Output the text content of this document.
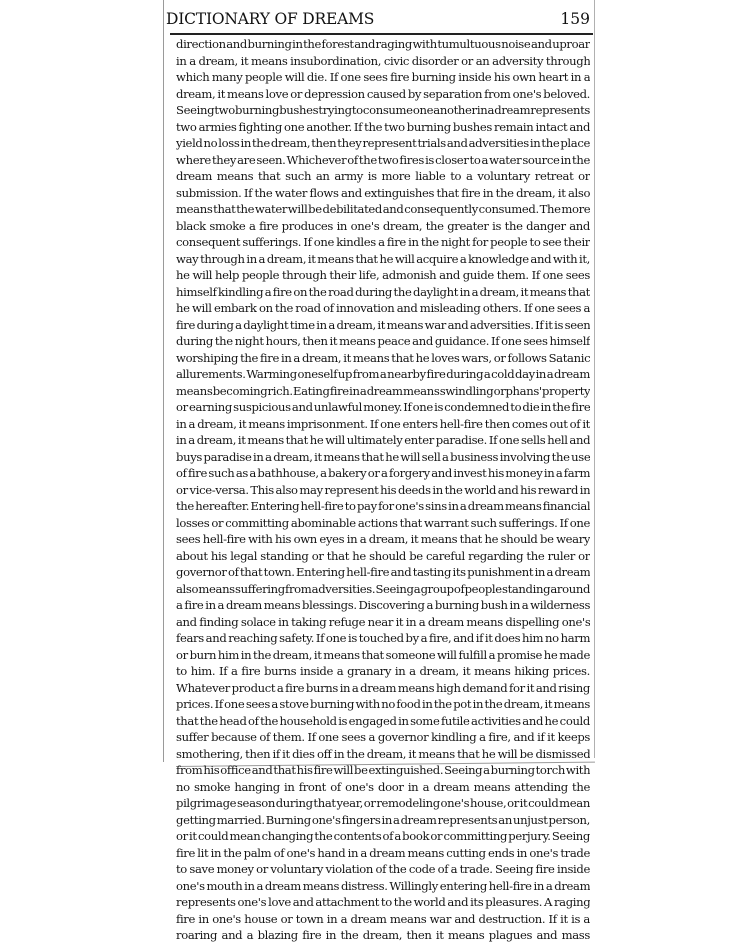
DICTIONARY OF DREAMS	159
direction and burning in the forest and raging with tumultuous noise and uproar
in a dream, it means insubordination, civic disorder or an adversity through
which many people will die. If one sees fire burning inside his own heart in a
dream, it means love or depression caused by separation from one's beloved.
Seeing two burning bushes trying to consume one another in a dream represents
two armies fighting one another. If the two burning bushes remain intact and
yield no loss in the dream, then they represent trials and adversities in the place
where they are seen. Whichever of the two fires is closer to a water source in the
dream means that such an army is more liable to a voluntary retreat or
submission. If the water flows and extinguishes that fire in the dream, it also
means that the water will be debilitated and consequently consumed. The more
black smoke a fire produces in one's dream, the greater is the danger and
consequent sufferings. If one kindles a fire in the night for people to see their
way through in a dream, it means that he will acquire a knowledge and with it,
he will help people through their life, admonish and guide them. If one sees
himself kindling a fire on the road during the daylight in a dream, it means that
he will embark on the road of innovation and misleading others. If one sees a
fire during a daylight time in a dream, it means war and adversities. If it is seen
during the night hours, then it means peace and guidance. If one sees himself
worshiping the fire in a dream, it means that he loves wars, or follows Satanic
allurements. Warming oneself up from a nearby fire during a cold day in a dream
means becoming rich. Eating fire in a dream means swindling orphans' property
or earning suspicious and unlawful money. If one is condemned to die in the fire
in a dream, it means imprisonment. If one enters hell-fire then comes out of it
in a dream, it means that he will ultimately enter paradise. If one sells hell and
buys paradise in a dream, it means that he will sell a business involving the use
of fire such as a bathhouse, a bakery or a forgery and invest his money in a farm
or vice-versa. This also may represent his deeds in the world and his reward in
the hereafter. Entering hell-fire to pay for one's sins in a dream means financial
losses or committing abominable actions that warrant such sufferings. If one
sees hell-fire with his own eyes in a dream, it means that he should be weary
about his legal standing or that he should be careful regarding the ruler or
governor of that town. Entering hell-fire and tasting its punishment in a dream
also means suffering from adversities. Seeing a group of people standing around
a fire in a dream means blessings. Discovering a burning bush in a wilderness
and finding solace in taking refuge near it in a dream means dispelling one's
fears and reaching safety. If one is touched by a fire, and if it does him no harm
or burn him in the dream, it means that someone will fulfill a promise he made
to him. If a fire burns inside a granary in a dream, it means hiking prices.
Whatever product a fire burns in a dream means high demand for it and rising
prices. If one sees a stove burning with no food in the pot in the dream, it means
that the head of the household is engaged in some futile activities and he could
suffer because of them. If one sees a governor kindling a fire, and if it keeps
smothering, then if it dies off in the dream, it means that he will be dismissed
from his office and that his fire will be extinguished. Seeing a burning torch with
no smoke hanging in front of one's door in a dream means attending the
pilgrimage season during that year, or remodeling one's house, or it could mean
getting married. Burning one's fingers in a dream represents an unjust person,
or it could mean changing the contents of a book or committing perjury. Seeing
fire lit in the palm of one's hand in a dream means cutting ends in one's trade
to save money or voluntary violation of the code of a trade. Seeing fire inside
one's mouth in a dream means distress. Willingly entering hell-fire in a dream
represents one's love and attachment to the world and its pleasures. A raging
fire in one's house or town in a dream means war and destruction. If it is a
roaring and a blazing fire in the dream, then it means plagues and mass
